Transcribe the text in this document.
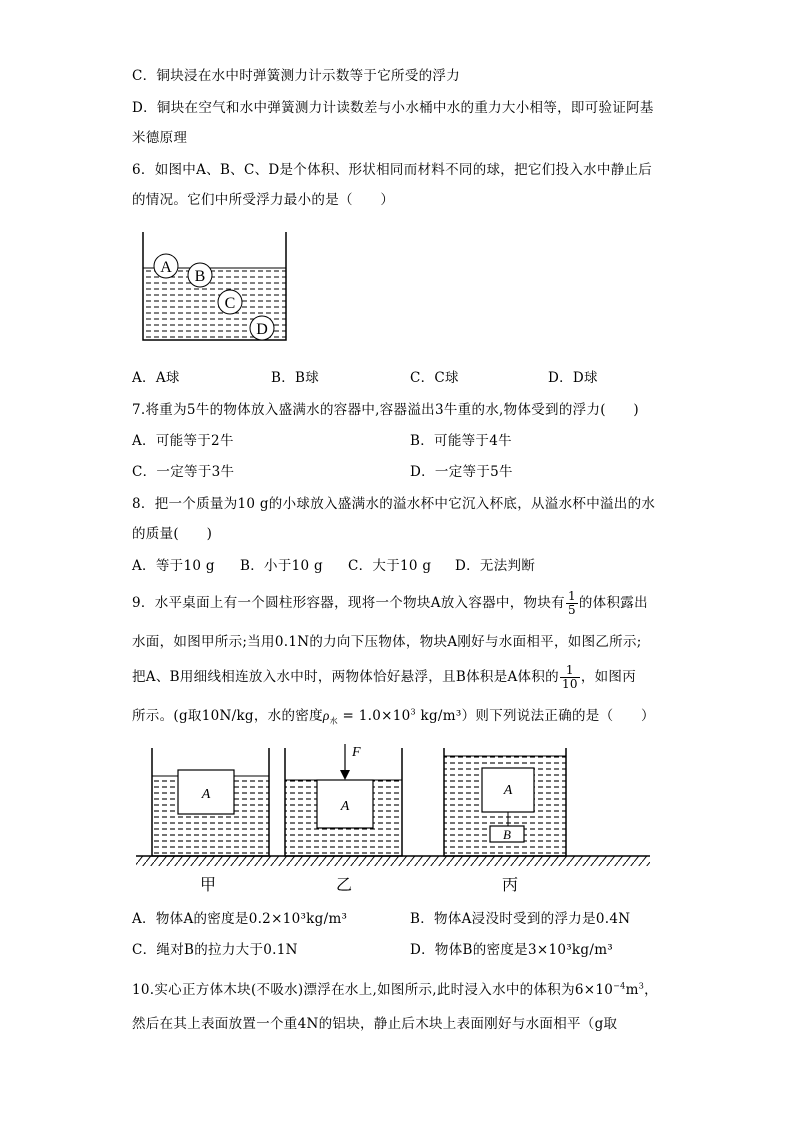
C．铜块浸在水中时弹簧测力计示数等于它所受的浮力
D．铜块在空气和水中弹簧测力计读数差与小水桶中水的重力大小相等，即可验证阿基
米德原理
6．如图中A、B、C、D是个体积、形状相同而材料不同的球，把它们投入水中静止后
的情况。它们中所受浮力最小的是（　　）
A
B
C
D
A．A球	B．B球	C．C球	D．D球
7.将重为5牛的物体放入盛满水的容器中,容器溢出3牛重的水,物体受到的浮力(　　)
A．可能等于2牛	B．可能等于4牛
C．一定等于3牛	D．一定等于5牛
8．把一个质量为10 g的小球放入盛满水的溢水杯中它沉入杯底，从溢水杯中溢出的水
的质量(　　)
A．等于10 g B．小于10 g C．大于10 g D．无法判断
9．水平桌面上有一个圆柱形容器，现将一个物块A放入容器中，物块有 $\frac{1}{5}$ 的体积露出
水面，如图甲所示;当用0.1N的力向下压物体，物块A刚好与水面相平，如图乙所示;
把A、B用细线相连放入水中时，两物体恰好悬浮，且B体积是A体积的 $\frac{1}{10}$ ，如图丙
所示。(g取10N/kg，水的密度$\rho_水 = 1.0\times 10^3$ kg/m³）则下列说法正确的是（　　）
A
A
F
A
B
甲	乙	丙
A．物体A的密度是0.2×10³kg/m³	B．物体A浸没时受到的浮力是0.4N
C．绳对B的拉力大于0.1N	D．物体B的密度是3×10³kg/m³
10.实心正方体木块(不吸水)漂浮在水上,如图所示,此时浸入水中的体积为$6\times 10^{-4}m^3$，
然后在其上表面放置一个重4N的铝块，静止后木块上表面刚好与水面相平（g取
